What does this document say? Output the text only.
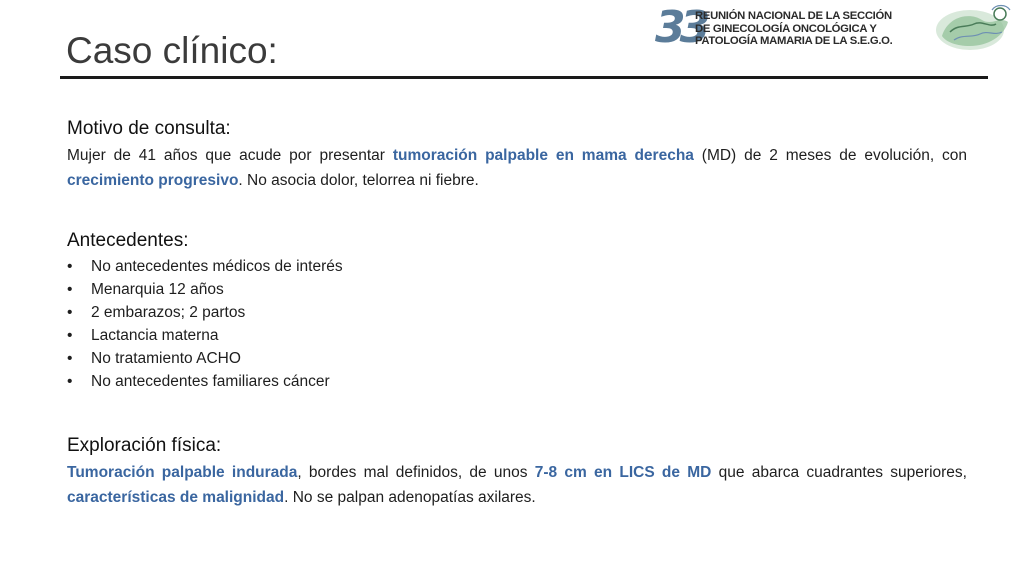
Caso clínico:	33
REUNIÓN NACIONAL DE LA SECCIÓN
DE GINECOLOGÍA ONCOLÓGICA Y
PATOLOGÍA MAMARIA DE LA S.E.G.O.
Motivo de consulta:

Mujer de 41 años que acude por presentar tumoración palpable en mama derecha (MD) de 2 meses de evolución, con crecimiento progresivo. No asocia dolor, telorrea ni fiebre.

Antecedentes:
• No antecedentes médicos de interés
• Menarquia 12 años
• 2 embarazos; 2 partos
• Lactancia materna
• No tratamiento ACHO
• No antecedentes familiares cáncer
Exploración física:

Tumoración palpable indurada, bordes mal definidos, de unos 7-8 cm en LICS de MD que abarca cuadrantes superiores, características de malignidad. No se palpan adenopatías axilares.
